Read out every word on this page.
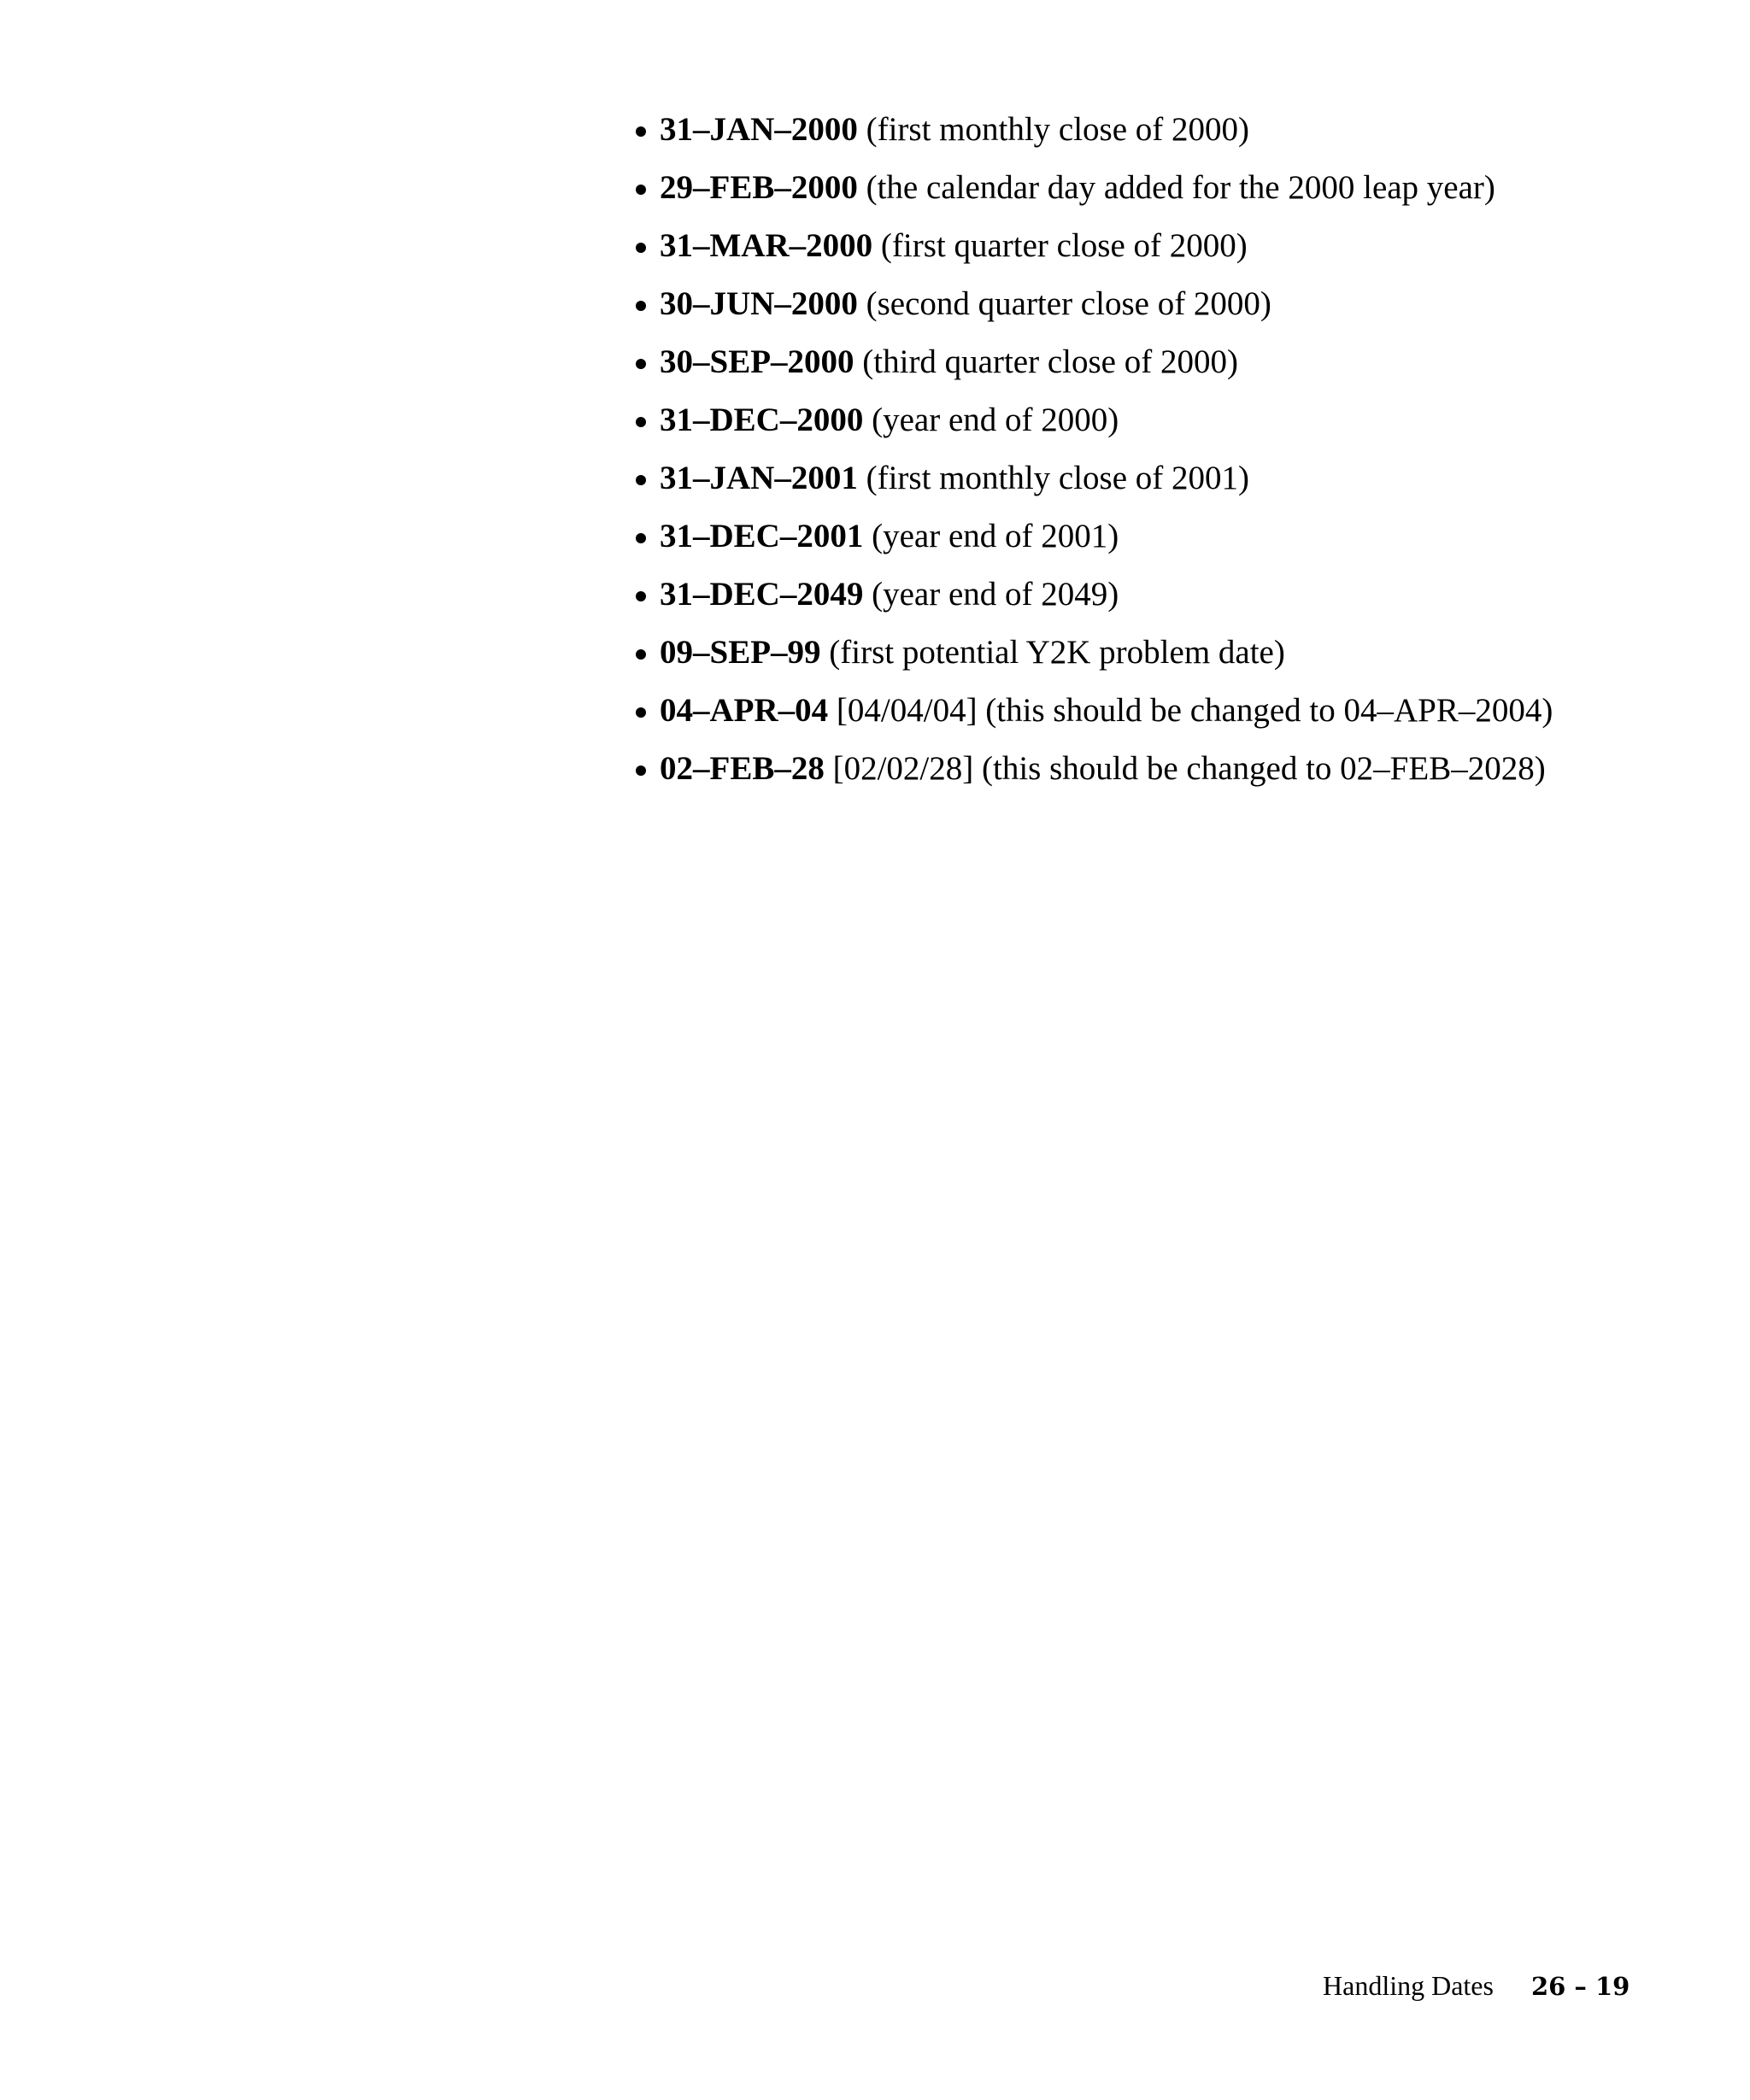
31–JAN–2000 (first monthly close of 2000)
29–FEB–2000 (the calendar day added for the 2000 leap year)
31–MAR–2000 (first quarter close of 2000)
30–JUN–2000 (second quarter close of 2000)
30–SEP–2000 (third quarter close of 2000)
31–DEC–2000 (year end of 2000)
31–JAN–2001 (first monthly close of 2001)
31–DEC–2001 (year end of 2001)
31–DEC–2049 (year end of 2049)
09–SEP–99 (first potential Y2K problem date)
04–APR–04 [04/04/04] (this should be changed to 04–APR–2004)
02–FEB–28 [02/02/28] (this should be changed to 02–FEB–2028)
Handling Dates 26 – 19
